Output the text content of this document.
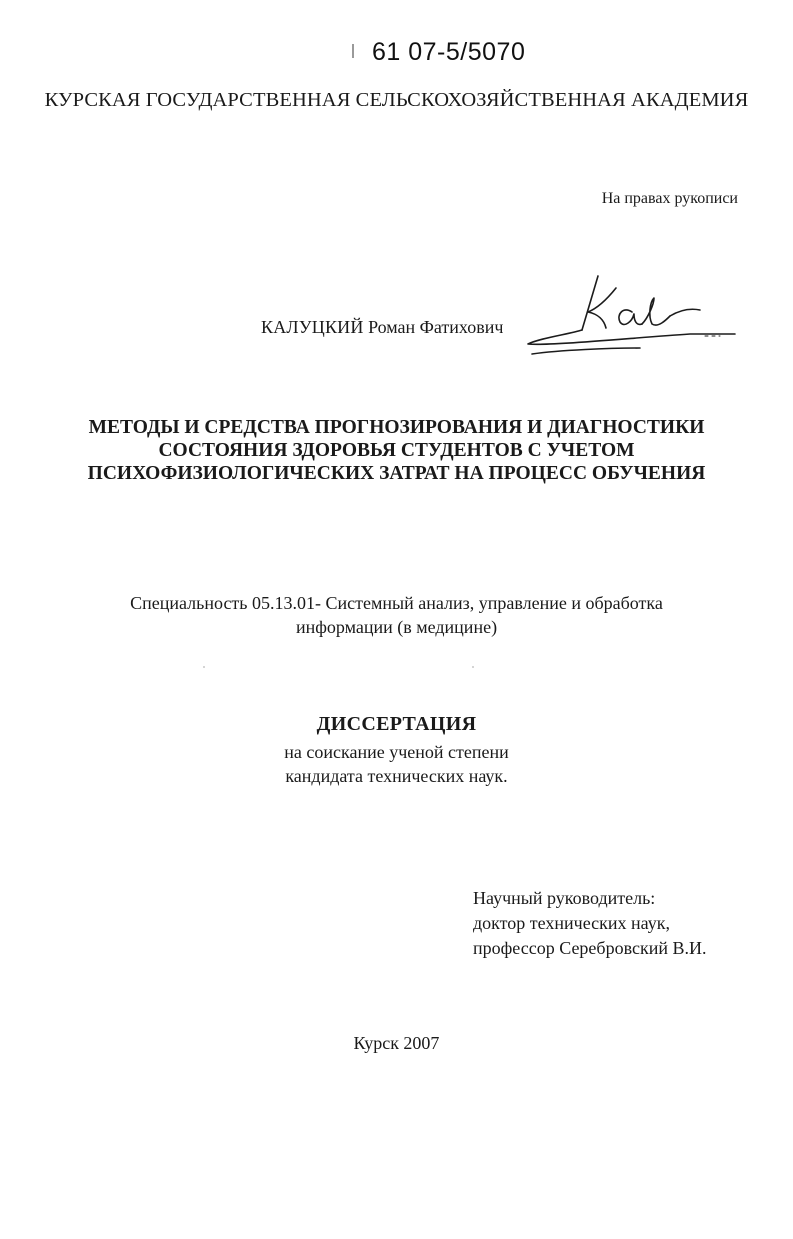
61 07-5/5070
КУРСКАЯ ГОСУДАРСТВЕННАЯ СЕЛЬСКОХОЗЯЙСТВЕННАЯ АКАДЕМИЯ
На правах рукописи
КАЛУЦКИЙ Роман Фатихович
МЕТОДЫ И СРЕДСТВА ПРОГНОЗИРОВАНИЯ И ДИАГНОСТИКИ
СОСТОЯНИЯ ЗДОРОВЬЯ СТУДЕНТОВ С УЧЕТОМ
ПСИХОФИЗИОЛОГИЧЕСКИХ ЗАТРАТ НА ПРОЦЕСС ОБУЧЕНИЯ
Специальность 05.13.01- Системный анализ, управление и обработка
информации (в медицине)
ДИССЕРТАЦИЯ
на соискание ученой степени
кандидата технических наук.
Научный руководитель:
доктор технических наук,
профессор Серебровский В.И.
Курск 2007
